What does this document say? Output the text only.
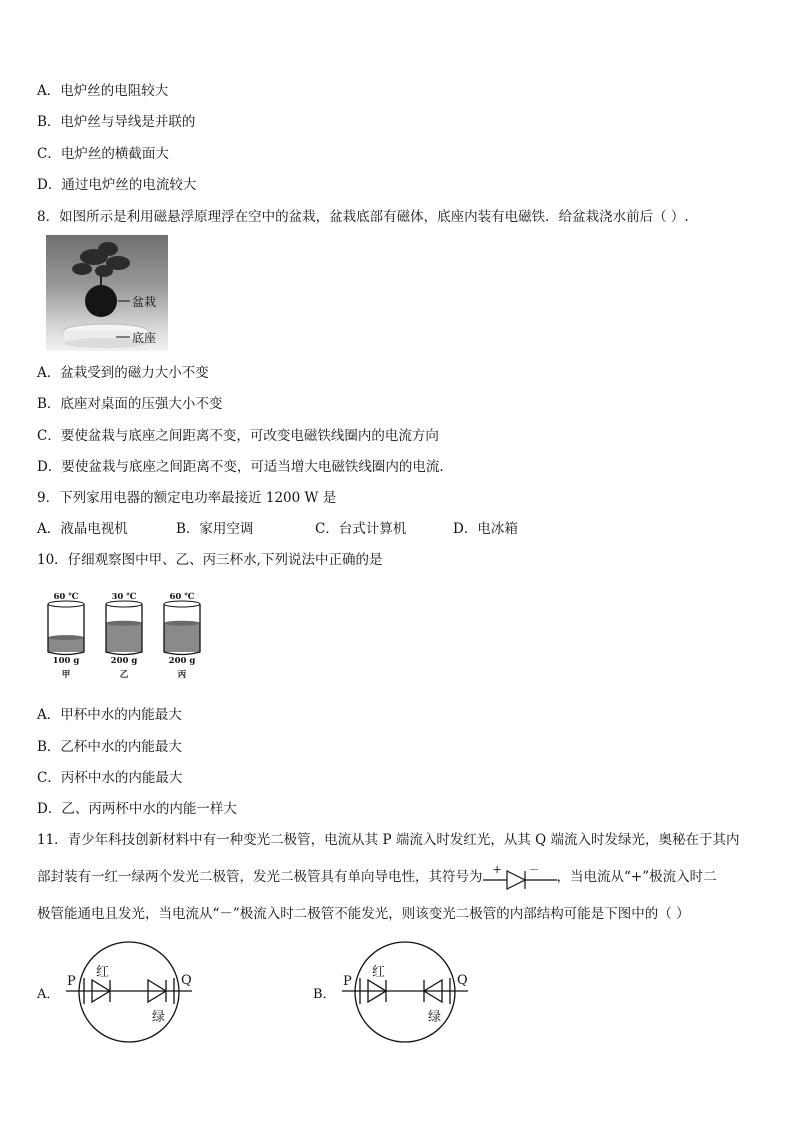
A．电炉丝的电阻较大
B．电炉丝与导线是并联的
C．电炉丝的横截面大
D．通过电炉丝的电流较大
8．如图所示是利用磁悬浮原理浮在空中的盆栽，盆栽底部有磁体，底座内装有电磁铁．给盆栽浇水前后（ ）.
盆栽
底座
A．盆栽受到的磁力大小不变
B．底座对桌面的压强大小不变
C．要使盆栽与底座之间距离不变，可改变电磁铁线圈内的电流方向
D．要使盆栽与底座之间距离不变，可适当增大电磁铁线圈内的电流.
9．下列家用电器的额定电功率最接近 1200 W 是
A．液晶电视机	B．家用空调	C．台式计算机	D．电冰箱
10．仔细观察图中甲、乙、丙三杯水,下列说法中正确的是
60 ℃	30 ℃	60 ℃
100 g	200 g	200 g
甲	乙	丙
A．甲杯中水的内能最大
B．乙杯中水的内能最大
C．丙杯中水的内能最大
D．乙、丙两杯中水的内能一样大
11．青少年科技创新材料中有一种变光二极管，电流从其 P 端流入时发红光，从其 Q 端流入时发绿光，奥秘在于其内
部封装有一红一绿两个发光二极管，发光二极管具有单向导电性，其符号为 + － ，当电流从“+”极流入时二
极管能通电且发光，当电流从“－”极流入时二极管不能发光，则该变光二极管的内部结构可能是下图中的（ ）
A．
P	Q
红
绿
B．
P	Q
红
绿
